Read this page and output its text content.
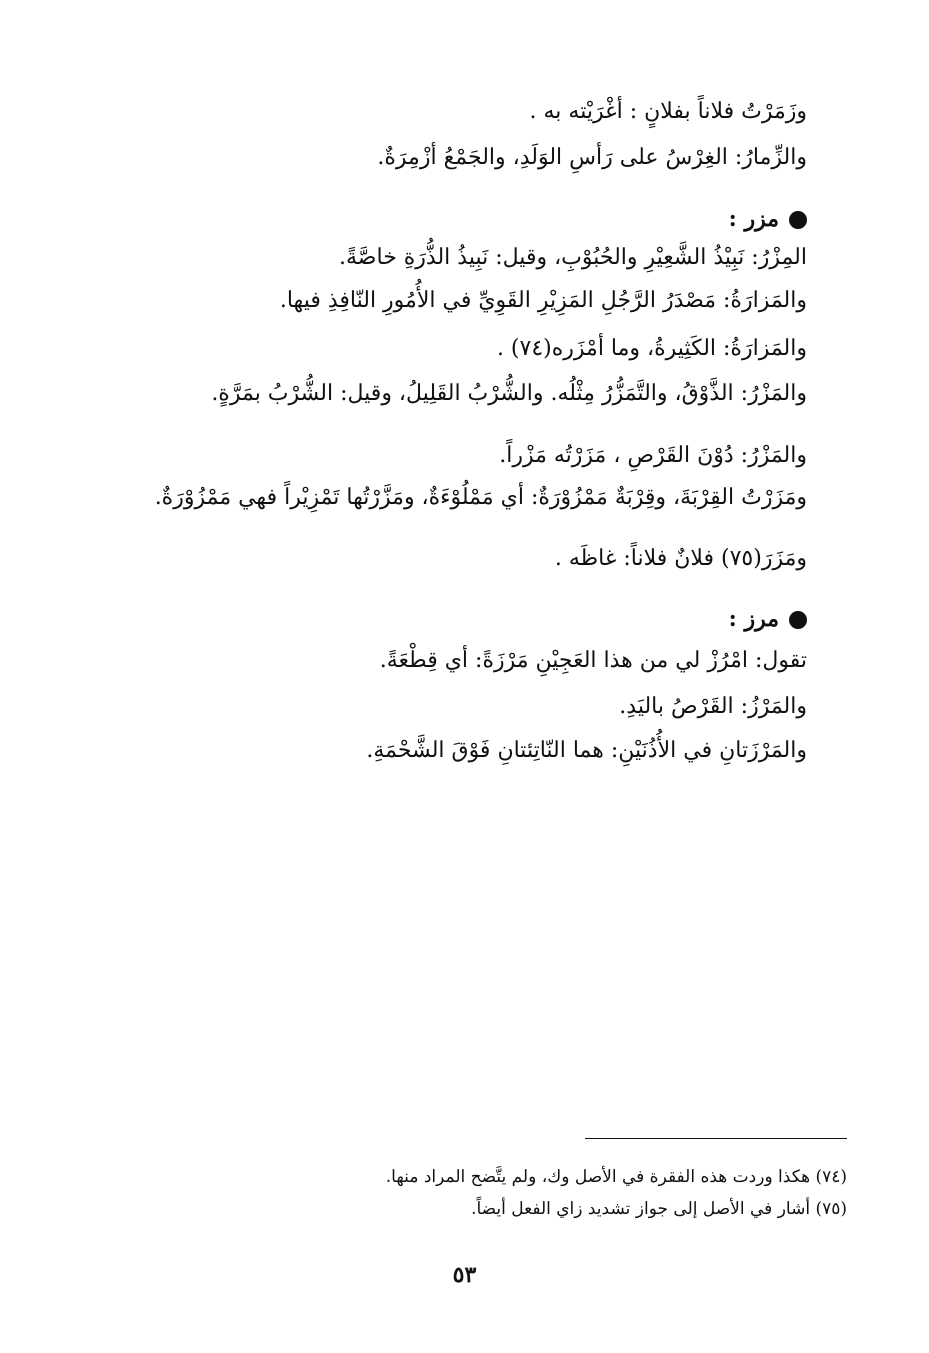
وزَمَرْتُ فلاناً بفلانٍ : أغْرَيْته به .
والزِّمارُ: الغِرْسُ على رَأسِ الوَلَدِ، والجَمْعُ أزْمِرَةٌ.
مزر :
المِزْرُ: نَبِيْذُ الشَّعِيْرِ والحُبُوْبِ، وقيل: نَبِيذُ الذُّرَةِ خاصَّةً.
والمَزارَةُ: مَصْدَرُ الرَّجُلِ المَزِيْرِ القَوِيِّ في الأُمُورِ النّافِذِ فيها.
والمَزارَةُ: الكَثِيرةُ، وما أمْزَره(٧٤) .
والمَزْرُ: الذَّوْقُ، والتَّمَزُّرُ مِثْلُه. والشُّرْبُ القَلِيلُ، وقيل: الشُّرْبُ بمَرَّةٍ.
والمَزْرُ: دُوْنَ القَرْصِ ، مَزَرْتُه مَزْراً.
ومَزَرْتُ القِرْبَةَ، وقِرْبَةٌ مَمْزُوْرَةٌ: أي مَمْلُوْءَةٌ، ومَزَّرْتُها تَمْزِيْراً فهي مَمْزُوْرَةٌ.
ومَزَرَ(٧٥) فلانٌ فلاناً: غاظَه .
مرز :
تقول: امْرُزْ لي من هذا العَجِيْنِ مَرْزَةً: أي قِطْعَةً.
والمَرْزُ: القَرْصُ باليَدِ.
والمَرْزَتانِ في الأُذُنَيْنِ: هما النّاتِئتانِ فَوْقَ الشَّحْمَةِ.
(٧٤) هكذا وردت هذه الفقرة في الأصل وك، ولم يتَّضح المراد منها.
(٧٥) أشار في الأصل إلى جواز تشديد زاي الفعل أيضاً.
٥٣
